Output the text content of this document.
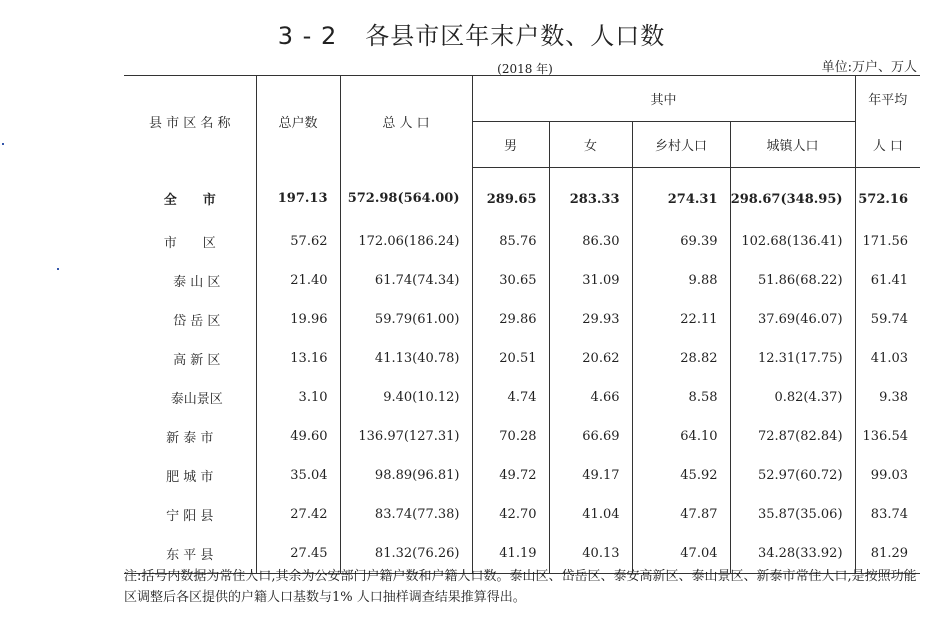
3 - 2 各县市区年末户数、人口数
(2018 年)	单位:万户、万人
县 市 区 名 称	总户数	总 人 口	其中				年平均
			男	女	乡村人口	城镇人口	人 口
全　　市	197.13	572.98(564.00)	289.65	283.33	274.31	298.67(348.95)	572.16
市　　区	57.62	172.06(186.24)	85.76	86.30	69.39	102.68(136.41)	171.56
泰 山 区	21.40	61.74(74.34)	30.65	31.09	9.88	51.86(68.22)	61.41
岱 岳 区	19.96	59.79(61.00)	29.86	29.93	22.11	37.69(46.07)	59.74
高 新 区	13.16	41.13(40.78)	20.51	20.62	28.82	12.31(17.75)	41.03
泰山景区	3.10	9.40(10.12)	4.74	4.66	8.58	0.82(4.37)	9.38
新 泰 市	49.60	136.97(127.31)	70.28	66.69	64.10	72.87(82.84)	136.54
肥 城 市	35.04	98.89(96.81)	49.72	49.17	45.92	52.97(60.72)	99.03
宁 阳 县	27.42	83.74(77.38)	42.70	41.04	47.87	35.87(35.06)	83.74
东 平 县	27.45	81.32(76.26)	41.19	40.13	47.04	34.28(33.92)	81.29
注:括号内数据为常住人口,其余为公安部门户籍户数和户籍人口数。泰山区、岱岳区、泰安高新区、泰山景区、新泰市常住人口,是按照功能区调整后各区提供的户籍人口基数与1% 人口抽样调查结果推算得出。
